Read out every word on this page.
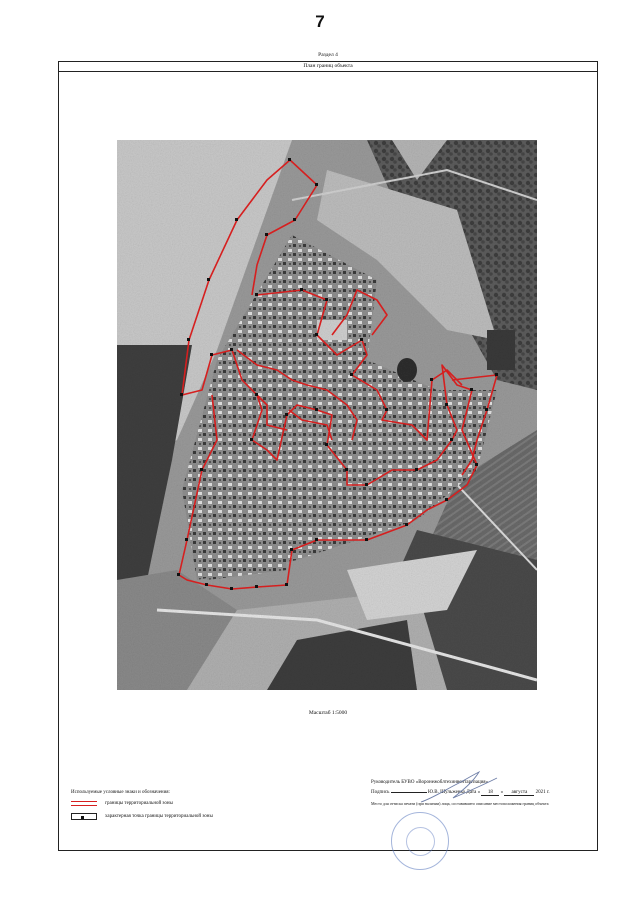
7
Раздел 4
План границ объекта
Масштаб 1:5000
Используемые условные знаки и обозначения:
границы территориальной зоны
характерная точка границы территориальной зоны
Руководитель БУВО «Воронежоблтехинвентаризация»
Подпись	Ю.В. Шульженко Дата « 18 » августа 2021 г.
Место для оттиска печати (при наличии) лица, составившего описание местоположения границ объекта
